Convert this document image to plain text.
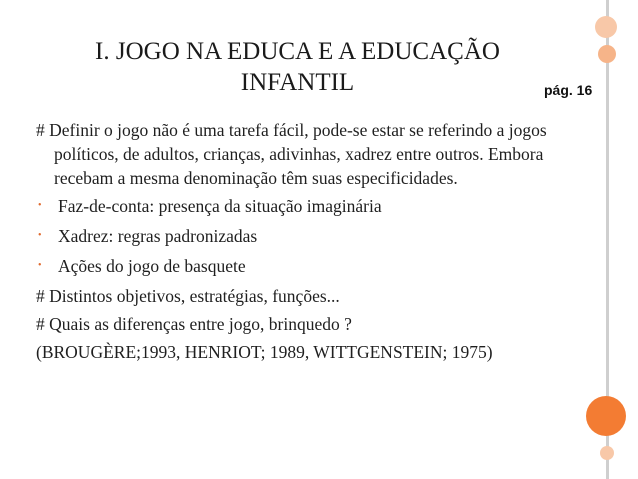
I. JOGO NA EDUCA E A EDUCAÇÃO
INFANTIL	pág. 16

# Definir o jogo não é uma tarefa fácil, pode-se estar se referindo a jogos políticos, de adultos, crianças, adivinhas, xadrez entre outros. Embora recebam a mesma denominação têm suas especificidades.

• Faz-de-conta: presença da situação imaginária
• Xadrez: regras padronizadas
• Ações do jogo de basquete

# Distintos objetivos, estratégias, funções...

# Quais as diferenças entre jogo, brinquedo ?

(BROUGÈRE;1993, HENRIOT; 1989, WITTGENSTEIN; 1975)
